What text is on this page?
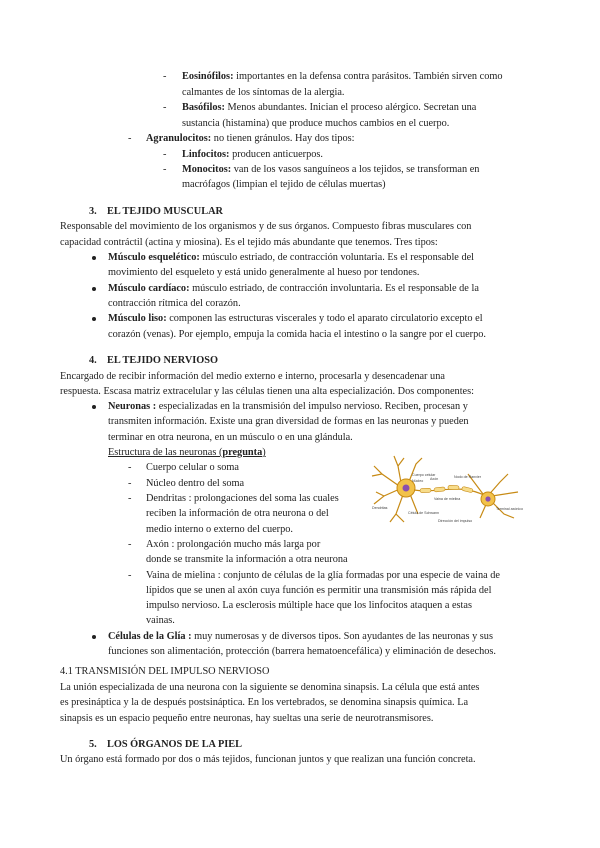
- Eosinófilos: importantes en la defensa contra parásitos. También sirven como
calmantes de los síntomas de la alergia.
- Basófilos: Menos abundantes. Inician el proceso alérgico. Secretan una
sustancia (histamina) que produce muchos cambios en el cuerpo.
- Agranulocitos: no tienen gránulos. Hay dos tipos:
- Linfocitos: producen anticuerpos.
- Monocitos: van de los vasos sanguíneos a los tejidos, se transforman en
macrófagos (limpian el tejido de células muertas)
3. EL TEJIDO MUSCULAR
Responsable del movimiento de los organismos y de sus órganos. Compuesto fibras musculares con
capacidad contráctil (actina y miosina). Es el tejido más abundante que tenemos. Tres tipos:
Músculo esquelético: músculo estriado, de contracción voluntaria. Es el responsable del
movimiento del esqueleto y está unido generalmente al hueso por tendones.
Músculo cardíaco: músculo estriado, de contracción involuntaria. Es el responsable de la
contracción rítmica del corazón.
Músculo liso: componen las estructuras viscerales y todo el aparato circulatorio excepto el
corazón (venas). Por ejemplo, empuja la comida hacia el intestino o la sangre por el cuerpo.
4. EL TEJIDO NERVIOSO
Encargado de recibir información del medio externo e interno, procesarla y desencadenar una
respuesta. Escasa matriz extracelular y las células tienen una alta especialización. Dos componentes:
Neuronas : especializadas en la transmisión del impulso nervioso. Reciben, procesan y
transmiten información. Existe una gran diversidad de formas en las neuronas y pueden
terminar en otra neurona, en un músculo o en una glándula.
Estructura de las neuronas (pregunta)
- Cuerpo celular o soma
- Núcleo dentro del soma
- Dendritas : prolongaciones del soma las cuales
reciben la información de otra neurona o del
medio interno o externo del cuerpo.
- Axón : prolongación mucho más larga por
donde se transmite la información a otra neurona
- Vaina de mielina : conjunto de células de la glía formadas por una especie de vaina de
lípidos que se unen al axón cuya función es permitir una transmisión más rápida del
impulso nervioso. La esclerosis múltiple hace que los linfocitos ataquen a estas
vainas.
Células de la Glía : muy numerosas y de diversos tipos. Son ayudantes de las neuronas y sus
funciones son alimentación, protección (barrera hematoencefálica) y eliminación de desechos.
4.1 TRANSMISIÓN DEL IMPULSO NERVIOSO
La unión especializada de una neurona con la siguiente se denomina sinapsis. La célula que está antes
es presináptica y la de después postsináptica. En los vertebrados, se denomina sinapsis química. La
sinapsis es un espacio pequeño entre neuronas, hay sueltas una serie de neurotransmisores.
5. LOS ÓRGANOS DE LA PIEL
Un órgano está formado por dos o más tejidos, funcionan juntos y que realizan una función concreta.
Dendritas
Cuerpo celular
Núcleo Axón
Vaina de mielina
Nodo de Ranvier
Célula de Schwann
Terminal axónico
Dirección del impulso
